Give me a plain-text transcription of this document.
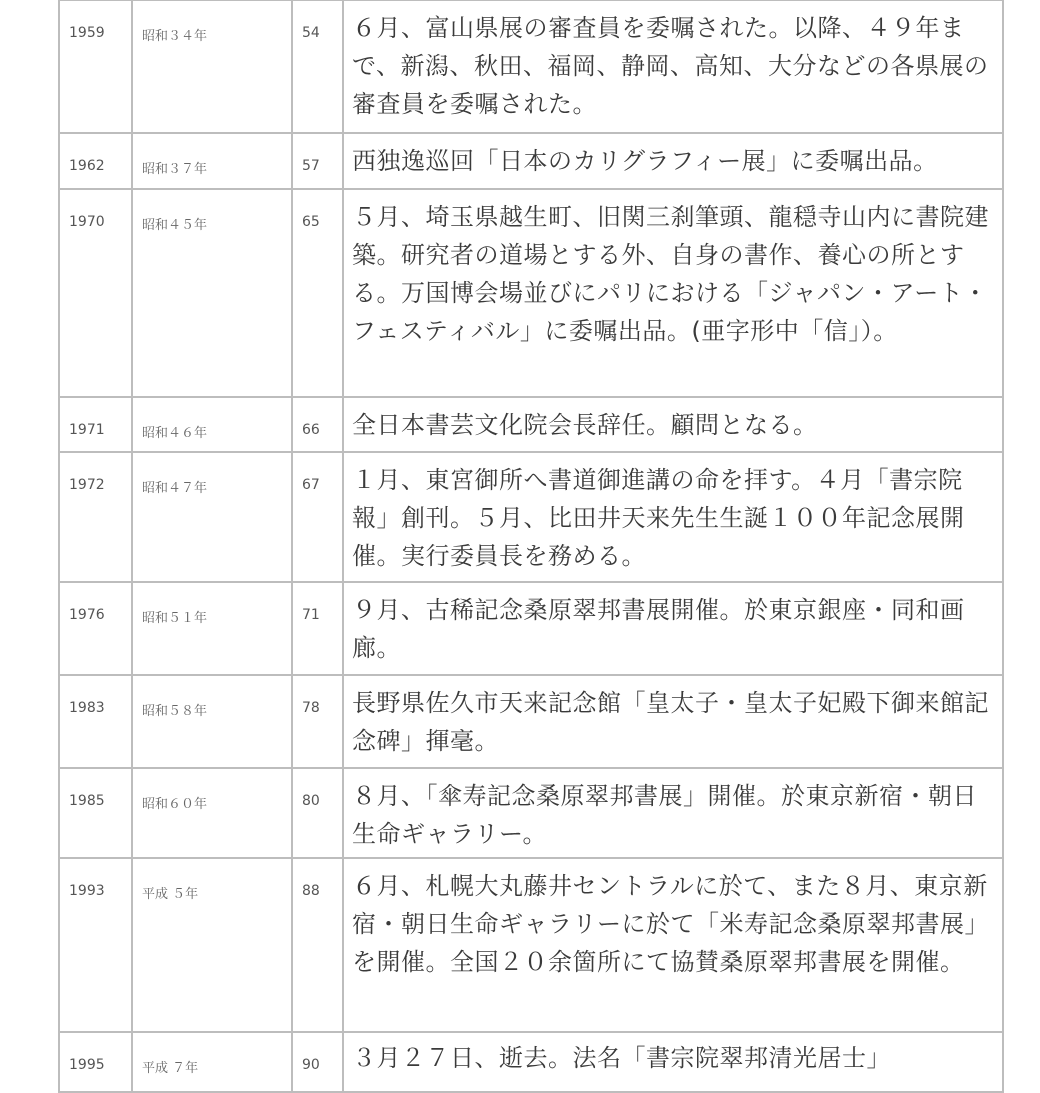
1959	昭和３４年	54	６月、富山県展の審査員を委嘱された。以降、４９年まで、新潟、秋田、福岡、静岡、高知、大分などの各県展の審査員を委嘱された。
1962	昭和３７年	57	西独逸巡回「日本のカリグラフィー展」に委嘱出品。
1970	昭和４５年	65	５月、埼玉県越生町、旧関三刹筆頭、龍穏寺山内に書院建築。研究者の道場とする外、自身の書作、養心の所とする。万国博会場並びにパリにおける「ジャパン・アート・フェスティバル」に委嘱出品。(亜字形中「信」）。
1971	昭和４６年	66	全日本書芸文化院会長辞任。顧問となる。
1972	昭和４７年	67	１月、東宮御所へ書道御進講の命を拝す。４月「書宗院報」創刊。５月、比田井天来先生生誕１００年記念展開催。実行委員長を務める。
1976	昭和５１年	71	９月、古稀記念桑原翠邦書展開催。於東京銀座・同和画廊。
1983	昭和５８年	78	長野県佐久市天来記念館「皇太子・皇太子妃殿下御来館記念碑」揮毫。
1985	昭和６０年	80	８月、「傘寿記念桑原翠邦書展」開催。於東京新宿・朝日生命ギャラリー。
1993	平成 ５年	88	６月、札幌大丸藤井セントラルに於て、また８月、東京新宿・朝日生命ギャラリーに於て「米寿記念桑原翠邦書展」を開催。全国２０余箇所にて協賛桑原翠邦書展を開催。
1995	平成 ７年	90	３月２７日、逝去。法名「書宗院翠邦清光居士」
